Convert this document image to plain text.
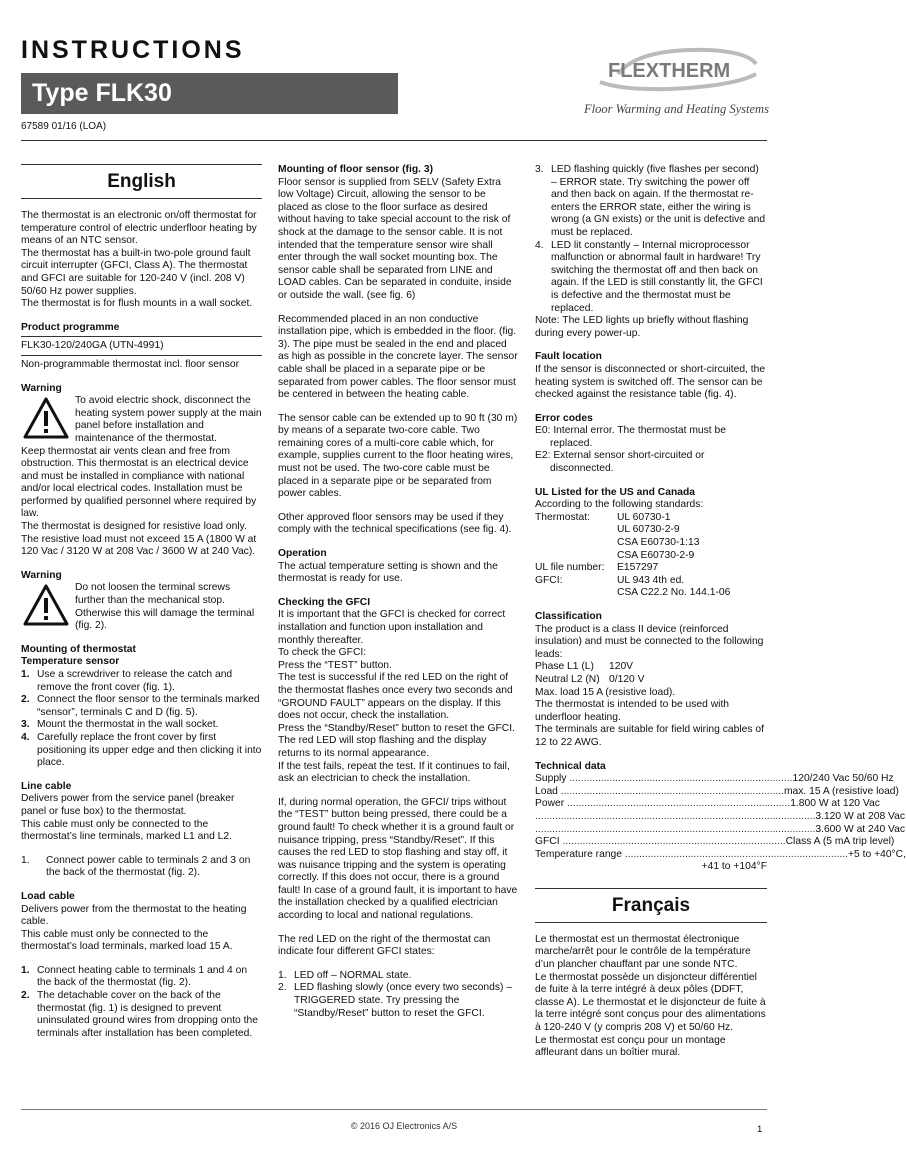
INSTRUCTIONS
Type FLK30
67589 01/16 (LOA)
FLEXTHERM
Floor Warming and Heating Systems
English
The thermostat is an electronic on/off thermostat for temperature control of electric underfloor heating by means of an NTC sensor.
The thermostat has a built-in two-pole ground fault circuit interrupter (GFCI, Class A). The thermostat and GFCI are suitable for 120-240 V (incl. 208 V) 50/60 Hz power supplies.
The thermostat is for flush mounts in a wall socket.
Product programme
FLK30-120/240GA (UTN-4991)
Non-programmable thermostat incl. floor sensor
Warning
To avoid electric shock, disconnect the heating system power supply at the main panel before installation and maintenance of the thermostat.
Keep thermostat air vents clean and free from obstruction. This thermostat is an electrical device and must be installed in compliance with national and/or local electrical codes. Installation must be performed by qualified personnel where required by law.
The thermostat is designed for resistive load only. The resistive load must not exceed 15 A (1800 W at 120 Vac / 3120 W at 208 Vac / 3600 W at 240 Vac).
Warning
Do not loosen the terminal screws further than the mechanical stop. Otherwise this will damage the terminal (fig. 2).
Mounting of thermostat
Temperature sensor
1. Use a screwdriver to release the catch and remove the front cover (fig. 1).
2. Connect the floor sensor to the terminals marked “sensor”, terminals C and D (fig. 5).
3. Mount the thermostat in the wall socket.
4. Carefully replace the front cover by first positioning its upper edge and then clicking it into place.
Line cable
Delivers power from the service panel (breaker panel or fuse box) to the thermostat.
This cable must only be connected to the thermostat’s line terminals, marked L1 and L2.
1. Connect power cable to terminals 2 and 3 on the back of the thermostat (fig. 2).
Load cable
Delivers power from the thermostat to the heating cable.
This cable must only be connected to the thermostat’s load terminals, marked load 15 A.
1. Connect heating cable to terminals 1 and 4 on the back of the thermostat (fig. 2).
2. The detachable cover on the back of the thermostat (fig. 1) is designed to prevent uninsulated ground wires from dropping onto the terminals after installation has been completed.
Mounting of floor sensor (fig. 3)
Floor sensor is supplied from SELV (Safety Extra low Voltage) Circuit, allowing the sensor to be placed as close to the floor surface as desired without having to take special account to the risk of shock at the damage to the sensor cable. It is not intended that the temperature sensor wire shall enter through the wall socket mounting box. The sensor cable shall be separated from LINE and LOAD cables. Can be separated in conduite, inside or outside the wall. (see fig. 6)
Recommended placed in an non conductive installation pipe, which is embedded in the floor. (fig. 3). The pipe must be sealed in the end and placed as high as possible in the concrete layer. The sensor cable shall be placed in a separate pipe or be separated from power cables. The floor sensor must be centered in between the heating cable.
The sensor cable can be extended up to 90 ft (30 m) by means of a separate two-core cable. Two remaining cores of a multi-core cable which, for example, supplies current to the floor heating wires, must not be used. The two-core cable must be placed in a separate pipe or be separated from power cables.
Other approved floor sensors may be used if they comply with the technical specifications (see fig. 4).
Operation
The actual temperature setting is shown and the thermostat is ready for use.
Checking the GFCI
It is important that the GFCI is checked for correct installation and function upon installation and monthly thereafter.
To check the GFCI:
Press the “TEST” button.
The test is successful if the red LED on the right of the thermostat flashes once every two seconds and “GROUND FAULT” appears on the display. If this does not occur, check the installation.
Press the “Standby/Reset” button to reset the GFCI.
The red LED will stop flashing and the display returns to its normal appearance.
If the test fails, repeat the test. If it continues to fail, ask an electrician to check the installation.
If, during normal operation, the GFCI/ trips without the “TEST” button being pressed, there could be a ground fault! To check whether it is a ground fault or nuisance tripping, press “Standby/Reset”. If this causes the red LED to stop flashing and stay off, it was nuisance tripping and the system is operating correctly. If this does not occur, there is a ground fault! In case of a ground fault, it is important to have the installation checked by a qualified electrician according to local and national regulations.
The red LED on the right of the thermostat can indicate four different GFCI states:
1. LED off – NORMAL state.
2. LED flashing slowly (once every two seconds) – TRIGGERED state. Try pressing the “Standby/Reset” button to reset the GFCI.
3. LED flashing quickly (five flashes per second) – ERROR state. Try switching the power off and then back on again. If the thermostat re-enters the ERROR state, either the wiring is wrong (a GN exists) or the unit is defective and must be replaced.
4. LED lit constantly – Internal microprocessor malfunction or abnormal fault in hardware! Try switching the thermostat off and then back on again. If the LED is still constantly lit, the GFCI is defective and the thermostat must be replaced.
Note: The LED lights up briefly without flashing during every power-up.
Fault location
If the sensor is disconnected or short-circuited, the heating system is switched off. The sensor can be checked against the resistance table (fig. 4).
Error codes
E0: Internal error. The thermostat must be replaced.
E2: External sensor short-circuited or disconnected.
UL Listed for the US and Canada
According to the following standards:
Thermostat:	UL 60730-1
UL 60730-2-9
CSA E60730-1:13
CSA E60730-2-9
UL file number:	E157297
GFCI:	UL 943 4th ed.
CSA C22.2 No. 144.1-06
Classification
The product is a class II device (reinforced insulation) and must be connected to the following leads:
Phase L1 (L)	120V
Neutral L2 (N) 0/120 V
Max. load 15 A (resistive load).
The thermostat is intended to be used with underfloor heating.
The terminals are suitable for field wiring cables of 12 to 22 AWG.
Technical data
Supply .............................................................................. 120/240 Vac 50/60 Hz
Load .............................................................................. max. 15 A (resistive load)
Power .............................................................................. 1.800 W at 120 Vac
.................................................................................................. 3.120 W at 208 Vac
.................................................................................................. 3.600 W at 240 Vac
GFCI .............................................................................. Class A (5 mA trip level)
Temperature range .............................................................................. +5 to +40°C,
+41 to +104°F
Français
Le thermostat est un thermostat électronique marche/arrêt pour le contrôle de la température d’un plancher chauffant par une sonde NTC.
Le thermostat possède un disjoncteur différentiel de fuite à la terre intégré à deux pôles (DDFT, classe A). Le thermostat et le disjoncteur de fuite à la terre intégré sont conçus pour des alimentations à 120-240 V (y compris 208 V) et 50/60 Hz.
Le thermostat est conçu pour un montage affleurant dans un boîtier mural.
© 2016 OJ Electronics A/S	1
